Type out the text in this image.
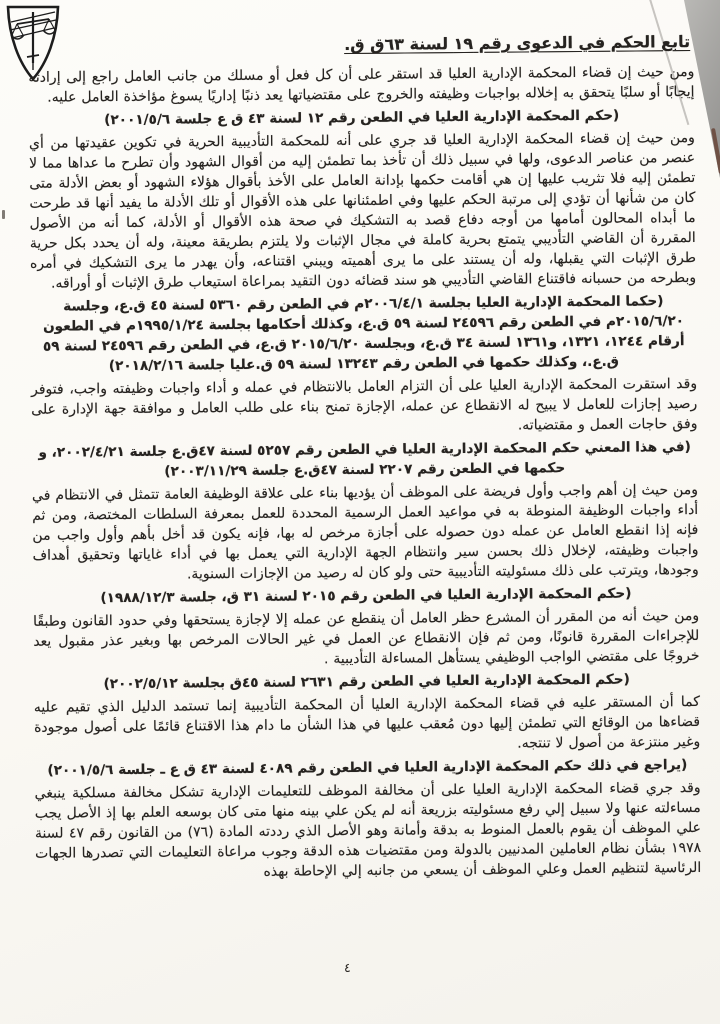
تابع الحكم في الدعوى رقم ١٩ لسنة ٦٣ق ق.

ومن حيث إن قضاء المحكمة الإدارية العليا قد استقر على أن كل فعل أو مسلك من جانب العامل راجع إلى إرادته إيجابًا أو سلبًا يتحقق به إخلاله بواجبات وظيفته والخروج على مقتضياتها يعد ذنبًا إداريًا يسوغ مؤاخذة العامل عليه.

(حكم المحكمة الإدارية العليا في الطعن رقم ١٢ لسنة ٤٣ ق ع جلسة ٢٠٠١/٥/٦)

ومن حيث إن قضاء المحكمة الإدارية العليا قد جري على أنه للمحكمة التأديبية الحرية في تكوين عقيدتها من أي عنصر من عناصر الدعوى، ولها في سبيل ذلك أن تأخذ بما تطمئن إليه من أقوال الشهود وأن تطرح ما عداها مما لا تطمئن إليه فلا تثريب عليها إن هي أقامت حكمها بإدانة العامل على الأخذ بأقوال هؤلاء الشهود أو بعض الأدلة متى كان من شأنها أن تؤدي إلى مرتبة الحكم عليها وفي اطمئنانها على هذه الأقوال أو تلك الأدلة ما يفيد أنها قد طرحت ما أبداه المحالون أمامها من أوجه دفاع قصد به التشكيك في صحة هذه الأقوال أو الأدلة، كما أنه من الأصول المقررة أن القاضي التأديبي يتمتع بحرية كاملة في مجال الإثبات ولا يلتزم بطريقة معينة، وله أن يحدد بكل حرية طرق الإثبات التي يقبلها، وله أن يستند على ما يرى أهميته ويبني اقتناعه، وأن يهدر ما يرى التشكيك في أمره وبطرحه من حسبانه فاقتناع القاضي التأديبي هو سند قضائه دون التقيد بمراعاة استيعاب طرق الإثبات أو أوراقه.

(حكما المحكمة الإدارية العليا بجلسة ٢٠٠٦/٤/١م في الطعن رقم ٥٣٦٠ لسنة ٤٥ ق.ع، وجلسة ٢٠١٥/٦/٢٠م في الطعن رقم ٢٤٥٩٦ لسنة ٥٩ ق.ع، وكذلك أحكامها بجلسة ١٩٩٥/١/٢٤م في الطعون أرقام ١٢٤٤، ١٣٢١، و١٣٦١ لسنة ٣٤ ق.ع، وبجلسة ٢٠١٥/٦/٢٠ ق.ع، في الطعن رقم ٢٤٥٩٦ لسنة ٥٩ ق.ع.، وكذلك حكمها في الطعن رقم ١٣٢٤٣ لسنة ٥٩ ق.عليا جلسة ٢٠١٨/٢/١٦)

وقد استقرت المحكمة الإدارية العليا على أن التزام العامل بالانتظام في عمله و أداء واجبات وظيفته واجب، فتوفر رصيد إجازات للعامل لا يبيح له الانقطاع عن عمله، الإجازة تمنح بناء على طلب العامل و موافقة جهة الإدارة على وفق حاجات العمل و مقتضياته.

(في هذا المعني حكم المحكمة الإدارية العليا في الطعن رقم ٥٢٥٧ لسنة ٤٧ق.ع جلسة ٢٠٠٢/٤/٢١، و حكمها في الطعن رقم ٢٢٠٧ لسنة ٤٧ق.ع جلسة ٢٠٠٣/١١/٢٩)

ومن حيث إن أهم واجب وأول فريضة على الموظف أن يؤديها بناء على علاقة الوظيفة العامة تتمثل في الانتظام في أداء واجبات الوظيفة المنوطة به في مواعيد العمل الرسمية المحددة للعمل بمعرفة السلطات المختصة، ومن ثم فإنه إذا انقطع العامل عن عمله دون حصوله على أجازة مرخص له بها، فإنه يكون قد أخل بأهم وأول واجب من واجبات وظيفته، لإخلال ذلك بحسن سير وانتظام الجهة الإدارية التي يعمل بها في أداء غاياتها وتحقيق أهداف وجودها، ويترتب على ذلك مسئوليته التأديبية حتى ولو كان له رصيد من الإجازات السنوية.

(حكم المحكمة الإدارية العليا في الطعن رقم ٢٠١٥ لسنة ٣١ ق، جلسة ١٩٨٨/١٢/٣)

ومن حيث أنه من المقرر أن المشرع حظر العامل أن ينقطع عن عمله إلا لإجازة يستحقها وفي حدود القانون وطبقًا للإجراءات المقررة قانونًا، ومن ثم فإن الانقطاع عن العمل في غير الحالات المرخص بها وبغير عذر مقبول يعد خروجًا على مقتضي الواجب الوظيفي يستأهل المساءلة التأديبية .

(حكم المحكمة الإدارية العليا في الطعن رقم ٢٦٣١ لسنة ٤٥ق بجلسة ٢٠٠٢/٥/١٢)

كما أن المستقر عليه في قضاء المحكمة الإدارية العليا أن المحكمة التأديبية إنما تستمد الدليل الذي تقيم عليه قضاءها من الوقائع التي تطمئن إليها دون مُعقب عليها في هذا الشأن ما دام هذا الاقتناع قائمًا على أصول موجودة وغير منتزعة من أصول لا تنتجه.

(يراجع في ذلك حكم المحكمة الإدارية العليا في الطعن رقم ٤٠٨٩ لسنة ٤٣ ق ع ـ جلسة ٢٠٠١/٥/٦)

وقد جري قضاء المحكمة الإدارية العليا على أن مخالفة الموظف للتعليمات الإدارية تشكل مخالفة مسلكية ينبغي مساءلته عنها ولا سبيل إلي رفع مسئوليته بزريعة أنه لم يكن علي بينه منها متى كان بوسعه العلم بها إذ الأصل يجب علي الموظف أن يقوم بالعمل المنوط به بدقة وأمانة وهو الأصل الذي رددته المادة (٧٦) من القانون رقم ٤٧ لسنة ١٩٧٨ بشأن نظام العاملين المدنيين بالدولة ومن مقتضيات هذه الدقة وجوب مراعاة التعليمات التي تصدرها الجهات الرئاسية لتنظيم العمل وعلي الموظف أن يسعي من جانبه إلي الإحاطة بهذه

٤
